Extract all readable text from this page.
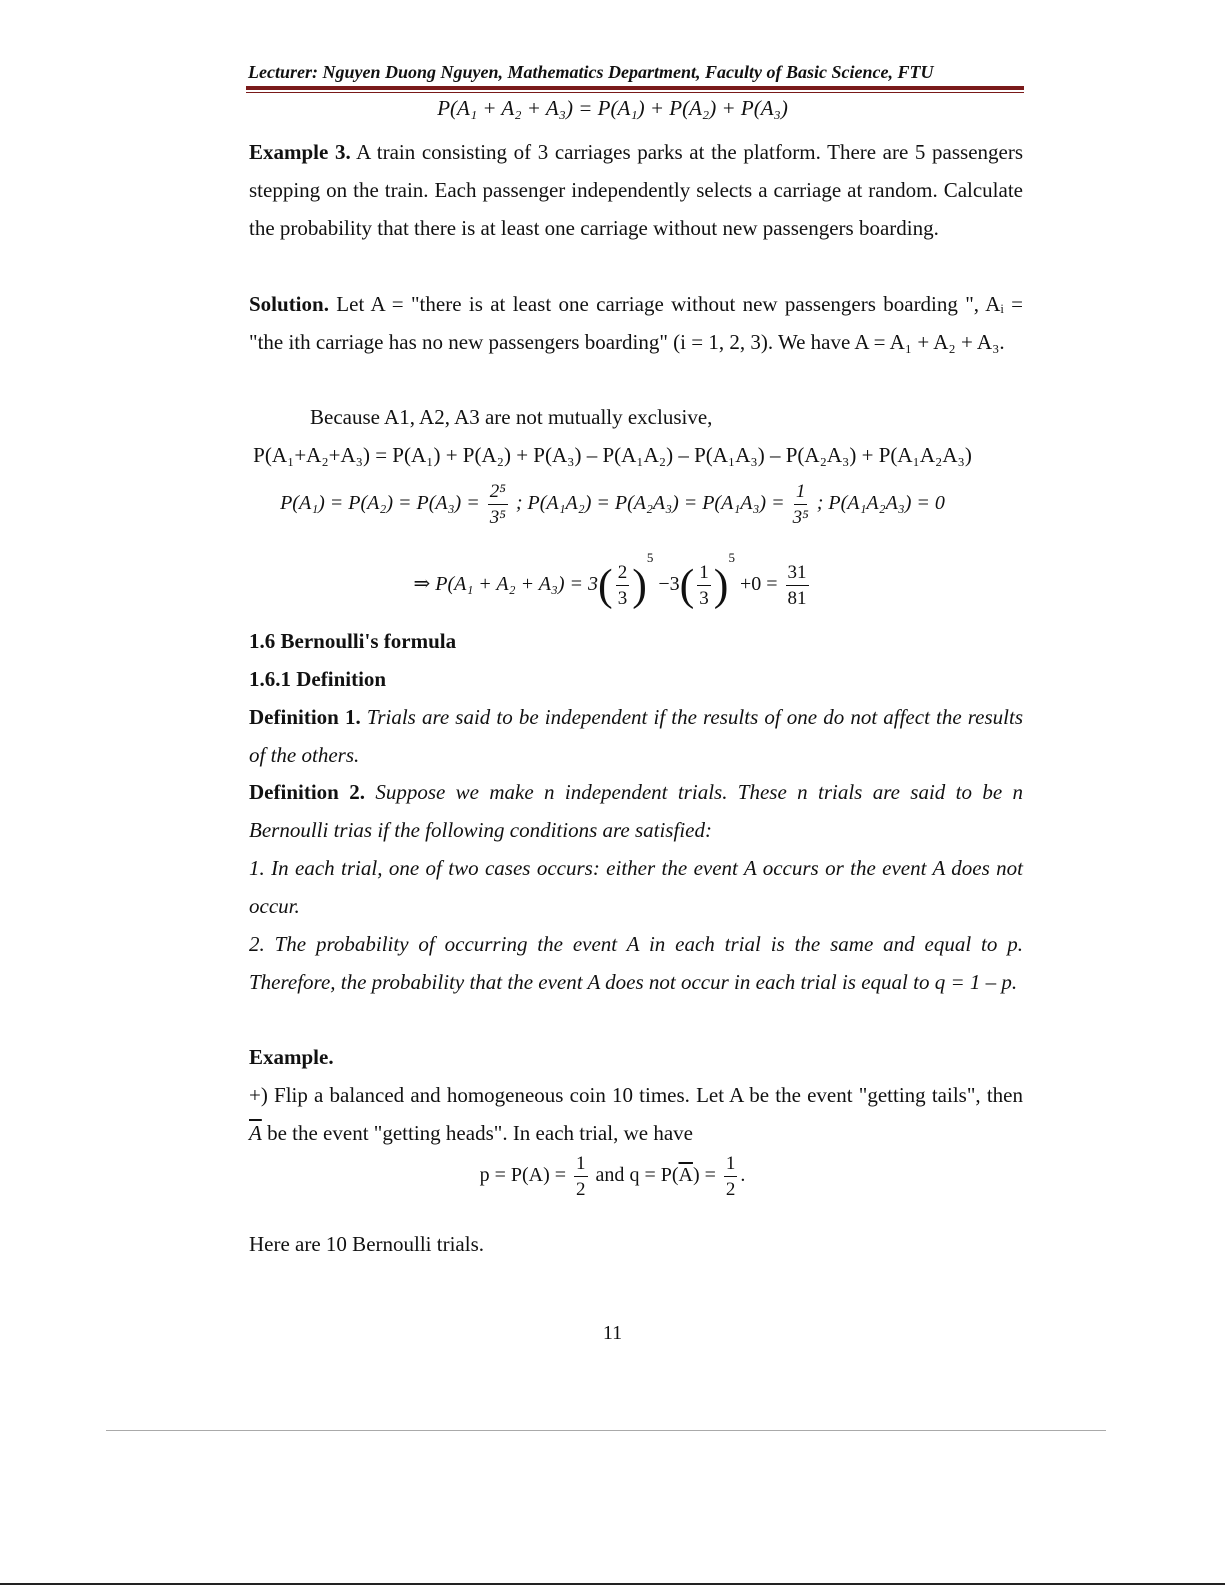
Lecturer: Nguyen Duong Nguyen, Mathematics Department, Faculty of Basic Science, FTU
P(A₁ + A₂ + A₃) = P(A₁) + P(A₂) + P(A₃)
Example 3. A train consisting of 3 carriages parks at the platform. There are 5 passengers stepping on the train. Each passenger independently selects a carriage at random. Calculate the probability that there is at least one carriage without new passengers boarding.
Solution. Let A = "there is at least one carriage without new passengers boarding ", Aᵢ = "the ith carriage has no new passengers boarding" (i = 1, 2, 3). We have A = A₁ + A₂ + A₃.
Because A1, A2, A3 are not mutually exclusive,
P(A₁+A₂+A₃) = P(A₁) + P(A₂) + P(A₃) – P(A₁A₂) – P(A₁A₃) – P(A₂A₃) + P(A₁A₂A₃)
$P(A_1) = P(A_2) = P(A_3) = \frac{\text{2⁵}}{\text{3⁵}}$ ; $P(A_1A_2) = P(A_2A_3) = P(A_1A_3) = \frac{1}{\text{3⁵}}$ ; P(A₁A₂A₃) = 0
⇒ $P(A_1 + A_2 + A_3) = 3( \frac{2}{3} )^5 -3( \frac{1}{3} )^5 +0 = \frac{31}{81}$
1.6 Bernoulli's formula
1.6.1 Definition
Definition 1. Trials are said to be independent if the results of one do not affect the results of the others.
Definition 2. Suppose we make n independent trials. These n trials are said to be n Bernoulli trias if the following conditions are satisfied:
1. In each trial, one of two cases occurs: either the event A occurs or the event A does not occur.
2. The probability of occurring the event A in each trial is the same and equal to p. Therefore, the probability that the event A does not occur in each trial is equal to q = 1 – p.
Example.
+) Flip a balanced and homogeneous coin 10 times. Let A be the event "getting tails", then $\overline{A}$ be the event "getting heads". In each trial, we have
$p = P(A) = \frac{1}{2}$ and $q = P(\overline{A}) = \frac{1}{2}$ .
Here are 10 Bernoulli trials.
11
